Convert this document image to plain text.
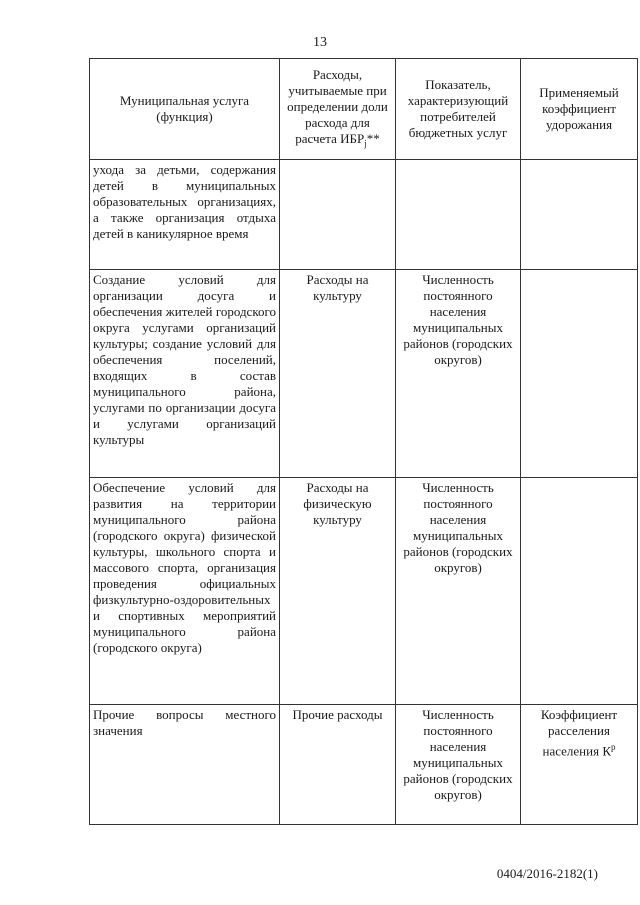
13
Муниципальная услуга (функция)	Расходы, учитываемые при определении доли расхода для расчета $ИБР_j**$	Показатель, характеризующий потребителей бюджетных услуг	Применяемый коэффициент удорожания
ухода за детьми, содержания детей в муниципальных образовательных организациях, а также организация отдыха детей в каникулярное время			
Создание условий для организации досуга и обеспечения жителей городского округа услугами организаций культуры; создание условий для обеспечения поселений, входящих в состав муниципального района, услугами по организации досуга и услугами организаций культуры	Расходы на культуру	Численность постоянного населения муниципальных районов (городских округов)	
Обеспечение условий для развития на территории муниципального района (городского округа) физической культуры, школьного спорта и массового спорта, организация проведения официальных физкультурно-оздоровительных и спортивных мероприятий муниципального района (городского округа)	Расходы на физическую культуру	Численность постоянного населения муниципальных районов (городских округов)	
Прочие вопросы местного значения	Прочие расходы	Численность постоянного населения муниципальных районов (городских округов)	Коэффициент расселения населения $К^р$
0404/2016-2182(1)
